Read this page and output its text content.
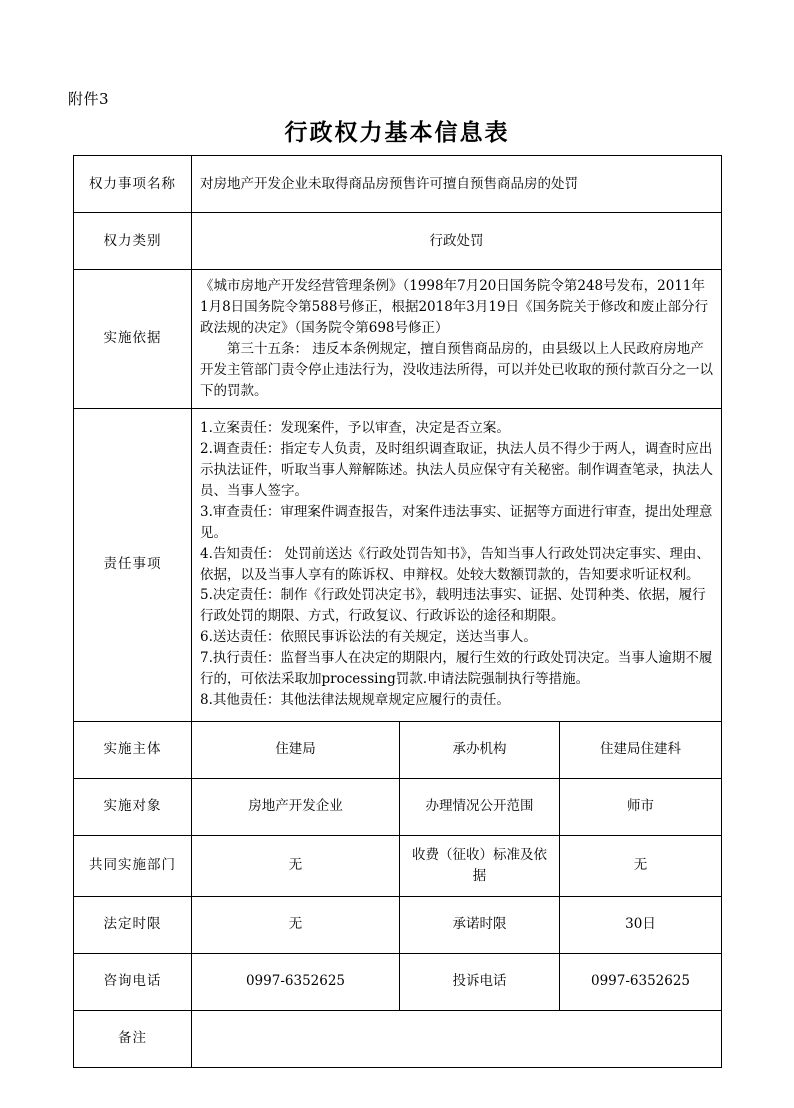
附件3
行政权力基本信息表
权力事项名称	对房地产开发企业未取得商品房预售许可擅自预售商品房的处罚		
权力类别	行政处罚		
实施依据	《城市房地产开发经营管理条例》（1998年7月20日国务院令第248号发布，2011年1月8日国务院令第588号修正，根据2018年3月19日《国务院关于修改和废止部分行政法规的决定》（国务院令第698号修正）

第三十五条： 违反本条例规定，擅自预售商品房的，由县级以上人民政府房地产开发主管部门责令停止违法行为，没收违法所得，可以并处已收取的预付款百分之一以下的罚款。		

责任事项	

1.立案责任：发现案件，予以审查，决定是否立案。

2.调查责任：指定专人负责，及时组织调查取证，执法人员不得少于两人，调查时应出示执法证件，听取当事人辩解陈述。执法人员应保守有关秘密。制作调查笔录，执法人员、当事人签字。

3.审查责任：审理案件调查报告，对案件违法事实、证据等方面进行审查，提出处理意见。

4.告知责任： 处罚前送达《行政处罚告知书》，告知当事人行政处罚决定事实、理由、依据，以及当事人享有的陈诉权、申辩权。处较大数额罚款的，告知要求听证权利。

5.决定责任：制作《行政处罚决定书》，载明违法事实、证据、处罚种类、依据，履行行政处罚的期限、方式，行政复议、行政诉讼的途径和期限。

6.送达责任：依照民事诉讼法的有关规定，送达当事人。

7.执行责任：监督当事人在决定的期限内，履行生效的行政处罚决定。当事人逾期不履行的，可依法采取加processing罚款.申请法院强制执行等措施。

8.其他责任：其他法律法规规章规定应履行的责任。

实施主体	住建局	承办机构	住建局住建科
实施对象	房地产开发企业	办理情况公开范围	师市
共同实施部门	无	收费（征收）标准及依据	无
法定时限	无	承诺时限	30日
咨询电话	0997-6352625	投诉电话	0997-6352625
备注			
